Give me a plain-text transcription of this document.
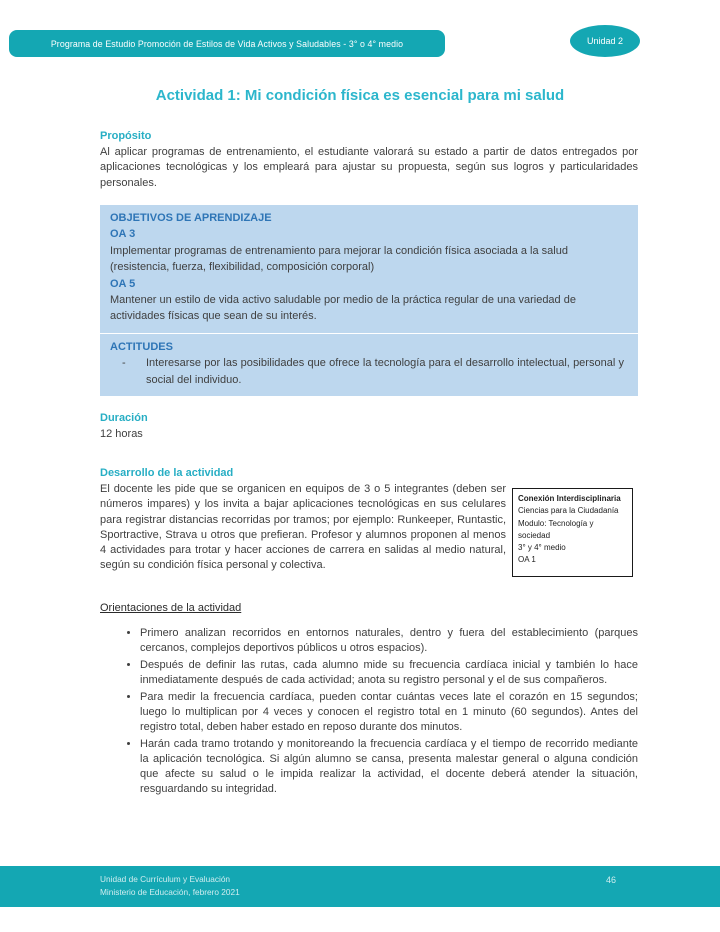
Programa de Estudio Promoción de Estilos de Vida Activos y Saludables - 3° o 4° medio	Unidad 2
Actividad 1: Mi condición física es esencial para mi salud
Propósito

Al aplicar programas de entrenamiento, el estudiante valorará su estado a partir de datos entregados por aplicaciones tecnológicas y los empleará para ajustar su propuesta, según sus logros y particularidades personales.

OBJETIVOS DE APRENDIZAJE
OA 3
Implementar programas de entrenamiento para mejorar la condición física asociada a la salud (resistencia, fuerza, flexibilidad, composición corporal)
OA 5
Mantener un estilo de vida activo saludable por medio de la práctica regular de una variedad de actividades físicas que sean de su interés.
ACTITUDES
-	Interesarse por las posibilidades que ofrece la tecnología para el desarrollo intelectual, personal y social del individuo.
Duración

12 horas

Desarrollo de la actividad

El docente les pide que se organicen en equipos de 3 o 5 integrantes (deben ser números impares) y los invita a bajar aplicaciones tecnológicas en sus celulares para registrar distancias recorridas por tramos; por ejemplo: Runkeeper, Runtastic, Sportractive, Strava u otros que prefieran. Profesor y alumnos proponen al menos 4 actividades para trotar y hacer acciones de carrera en salidas al medio natural, según su condición física personal y colectiva.

Conexión Interdisciplinaria
Ciencias para la Ciudadanía
Modulo: Tecnología y sociedad
3° y 4° medio
OA 1
Orientaciones de la actividad
• Primero analizan recorridos en entornos naturales, dentro y fuera del establecimiento (parques cercanos, complejos deportivos públicos u otros espacios).
• Después de definir las rutas, cada alumno mide su frecuencia cardíaca inicial y también lo hace inmediatamente después de cada actividad; anota su registro personal y el de sus compañeros.
• Para medir la frecuencia cardíaca, pueden contar cuántas veces late el corazón en 15 segundos; luego lo multiplican por 4 veces y conocen el registro total en 1 minuto (60 segundos). Antes del registro total, deben haber estado en reposo durante dos minutos.
• Harán cada tramo trotando y monitoreando la frecuencia cardíaca y el tiempo de recorrido mediante la aplicación tecnológica. Si algún alumno se cansa, presenta malestar general o alguna condición que afecte su salud o le impida realizar la actividad, el docente deberá atender la situación, resguardando su integridad.
Unidad de Currículum y Evaluación
Ministerio de Educación, febrero 2021
46
